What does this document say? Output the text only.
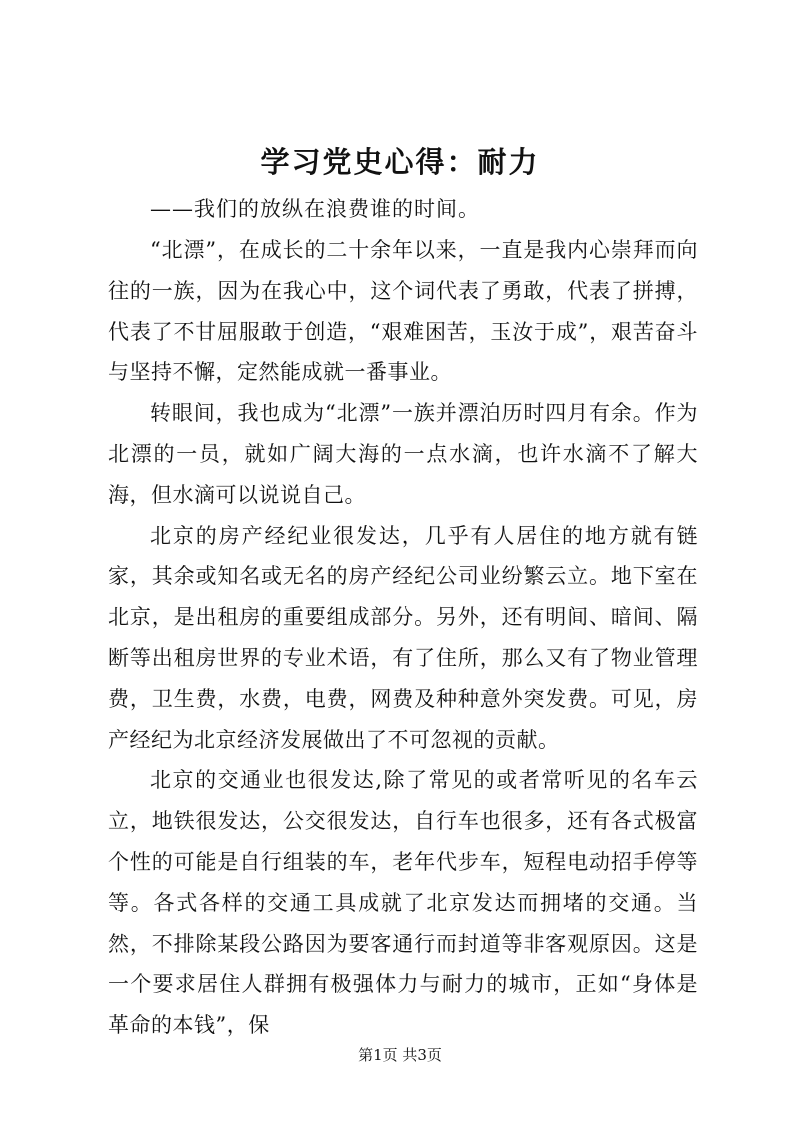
学习党史心得：耐力
——我们的放纵在浪费谁的时间。

“北漂”，在成长的二十余年以来，一直是我内心崇拜而向往的一族，因为在我心中，这个词代表了勇敢，代表了拼搏，代表了不甘屈服敢于创造，“艰难困苦，玉汝于成”，艰苦奋斗与坚持不懈，定然能成就一番事业。

转眼间，我也成为“北漂”一族并漂泊历时四月有余。作为北漂的一员，就如广阔大海的一点水滴，也许水滴不了解大海，但水滴可以说说自己。

北京的房产经纪业很发达，几乎有人居住的地方就有链家，其余或知名或无名的房产经纪公司业纷繁云立。地下室在北京，是出租房的重要组成部分。另外，还有明间、暗间、隔断等出租房世界的专业术语，有了住所，那么又有了物业管理费，卫生费，水费，电费，网费及种种意外突发费。可见，房产经纪为北京经济发展做出了不可忽视的贡献。

北京的交通业也很发达,除了常见的或者常听见的名车云立，地铁很发达，公交很发达，自行车也很多，还有各式极富个性的可能是自行组装的车，老年代步车，短程电动招手停等等。各式各样的交通工具成就了北京发达而拥堵的交通。当然，不排除某段公路因为要客通行而封道等非客观原因。这是一个要求居住人群拥有极强体力与耐力的城市，正如“身体是革命的本钱”，保

第1页 共3页
